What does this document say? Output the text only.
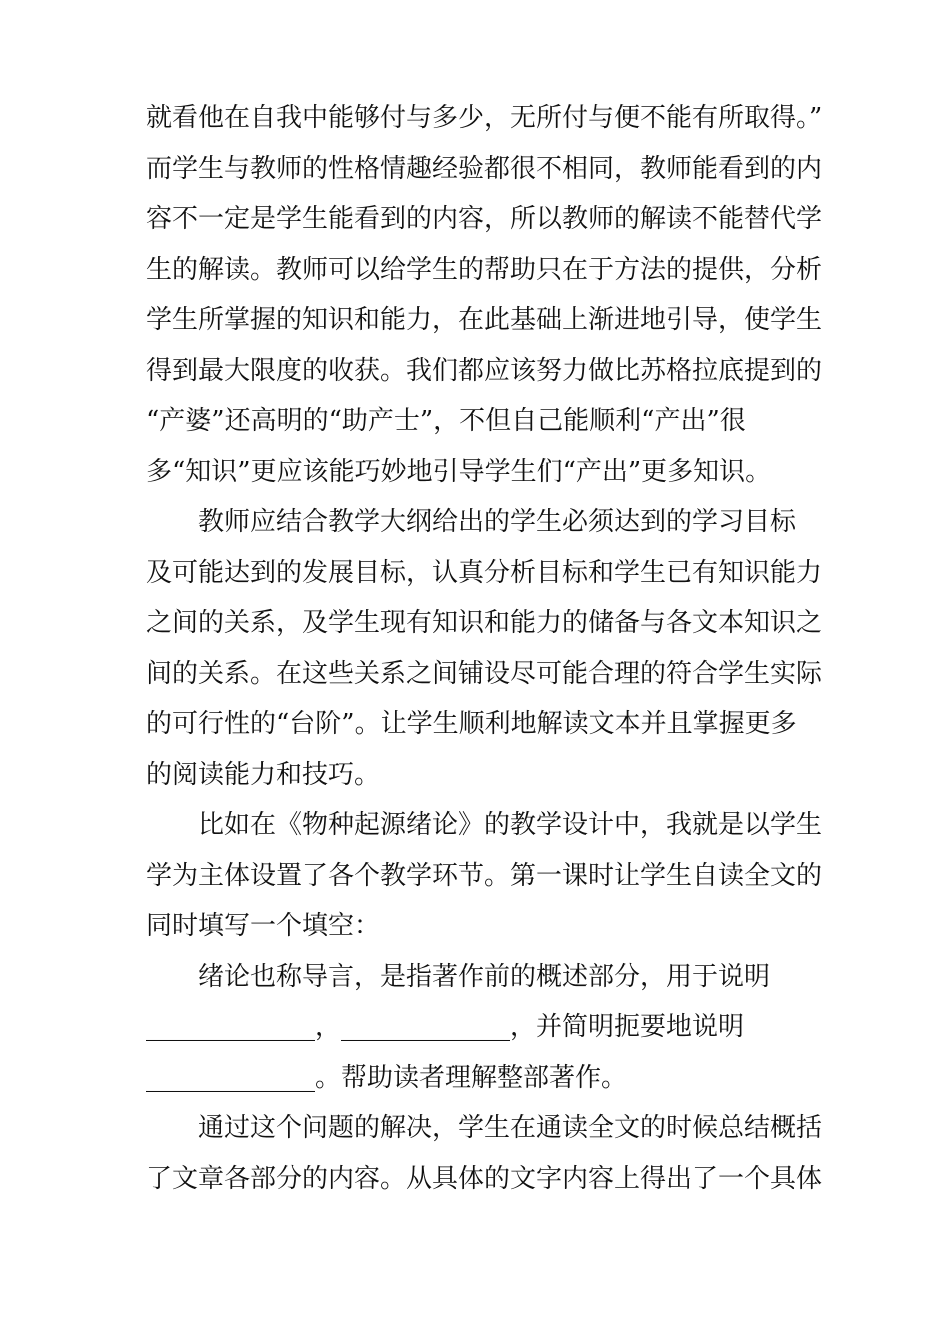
就看他在自我中能够付与多少，无所付与便不能有所取得。”
而学生与教师的性格情趣经验都很不相同，教师能看到的内
容不一定是学生能看到的内容，所以教师的解读不能替代学
生的解读。教师可以给学生的帮助只在于方法的提供，分析
学生所掌握的知识和能力，在此基础上渐进地引导，使学生
得到最大限度的收获。我们都应该努力做比苏格拉底提到的
“产婆”还高明的“助产士”，不但自己能顺利“产出”很
多“知识”更应该能巧妙地引导学生们“产出”更多知识。
教师应结合教学大纲给出的学生必须达到的学习目标
及可能达到的发展目标，认真分析目标和学生已有知识能力
之间的关系，及学生现有知识和能力的储备与各文本知识之
间的关系。在这些关系之间铺设尽可能合理的符合学生实际
的可行性的“台阶”。让学生顺利地解读文本并且掌握更多
的阅读能力和技巧。
比如在《物种起源绪论》的教学设计中，我就是以学生
学为主体设置了各个教学环节。第一课时让学生自读全文的
同时填写一个填空：
绪论也称导言，是指著作前的概述部分，用于说明
_____________，_____________，并简明扼要地说明
_____________。帮助读者理解整部著作。
通过这个问题的解决，学生在通读全文的时候总结概括
了文章各部分的内容。从具体的文字内容上得出了一个具体
